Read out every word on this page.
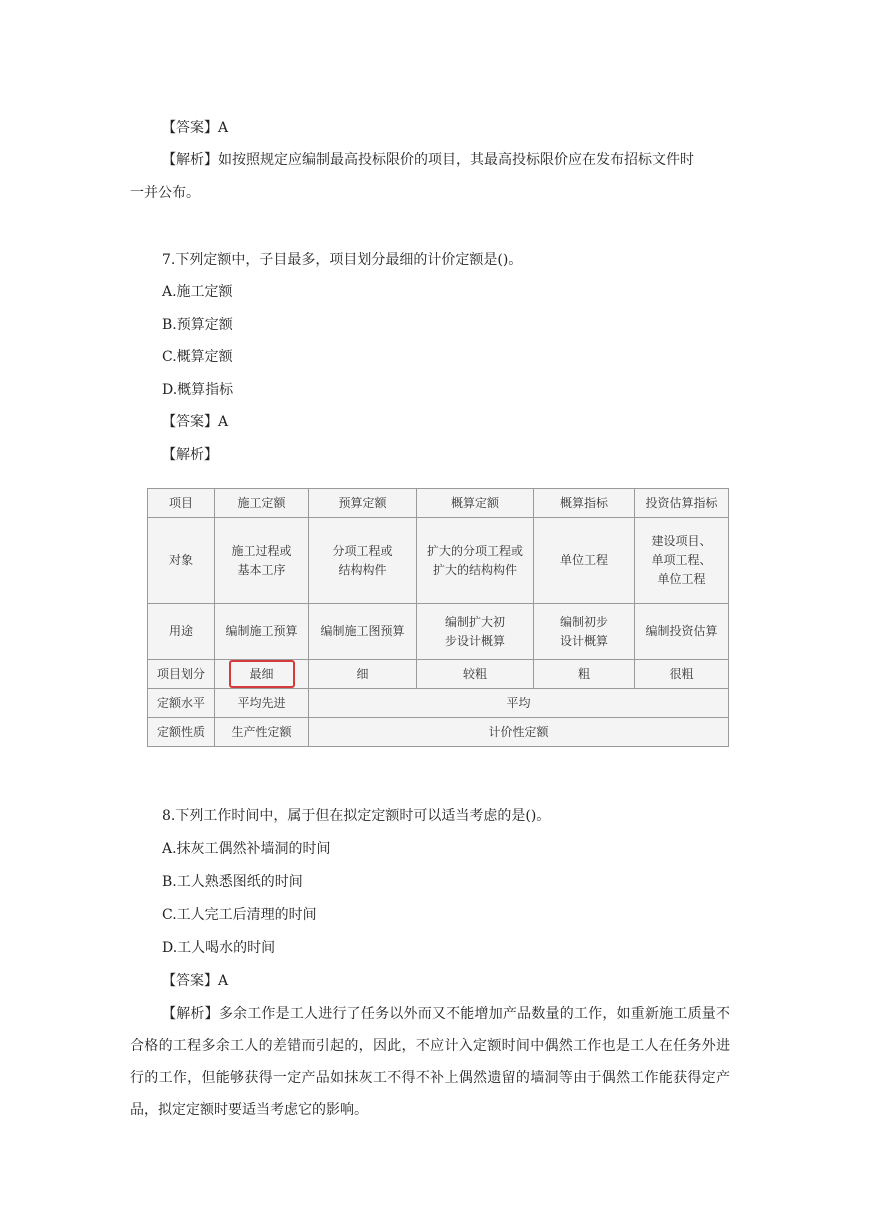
【答案】A
【解析】如按照规定应编制最高投标限价的项目，其最高投标限价应在发布招标文件时
一并公布。
7.下列定额中，子目最多，项目划分最细的计价定额是()。
A.施工定额
B.预算定额
C.概算定额
D.概算指标
【答案】A
【解析】
项目	施工定额	预算定额	概算定额	概算指标	投资估算指标
对象	施工过程或
基本工序	分项工程或
结构构件	扩大的分项工程或
扩大的结构构件	单位工程	建设项目、
单项工程、
单位工程
用途	编制施工预算	编制施工图预算	编制扩大初
步设计概算	编制初步
设计概算	编制投资估算
项目划分	最细	细	较粗	粗	很粗
定额水平	平均先进	平均			
定额性质	生产性定额	计价性定额			
8.下列工作时间中，属于但在拟定定额时可以适当考虑的是()。
A.抹灰工偶然补墙洞的时间
B.工人熟悉图纸的时间
C.工人完工后清理的时间
D.工人喝水的时间
【答案】A
【解析】多余工作是工人进行了任务以外而又不能增加产品数量的工作，如重新施工质量不合格的工程多余工人的差错而引起的，因此，不应计入定额时间中偶然工作也是工人在任务外进行的工作，但能够获得一定产品如抹灰工不得不补上偶然遗留的墙洞等由于偶然工作能获得定产品，拟定定额时要适当考虑它的影响。
